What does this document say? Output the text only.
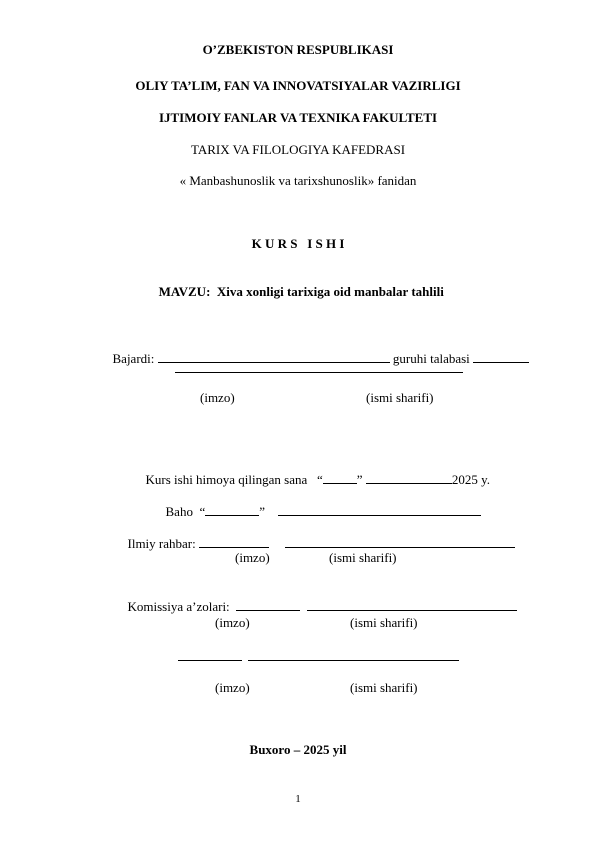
O’ZBEKISTON RESPUBLIKASI
OLIY TA’LIM, FAN VA INNOVATSIYALAR VAZIRLIGI
IJTIMOIY FANLAR VA TEXNIKA FAKULTETI
TARIX VA FILOLOGIYA KAFEDRASI
« Manbashunoslik va tarixshunoslik» fanidan
K U R S   I S H I

MAVZU: Xiva xonligi tarixiga oid manbalar tahlili

Bajardi:	guruhi talabasi

(imzo)	(ismi sharifi)

Kurs ishi himoya qilingan sana “	”	2025 y.

Baho “	”

Ilmiy rahbar:

(imzo)	(ismi sharifi)

Komissiya a’zolari:

(imzo)	(ismi sharifi)
(imzo)	(ismi sharifi)
Buxoro – 2025 yil
1
